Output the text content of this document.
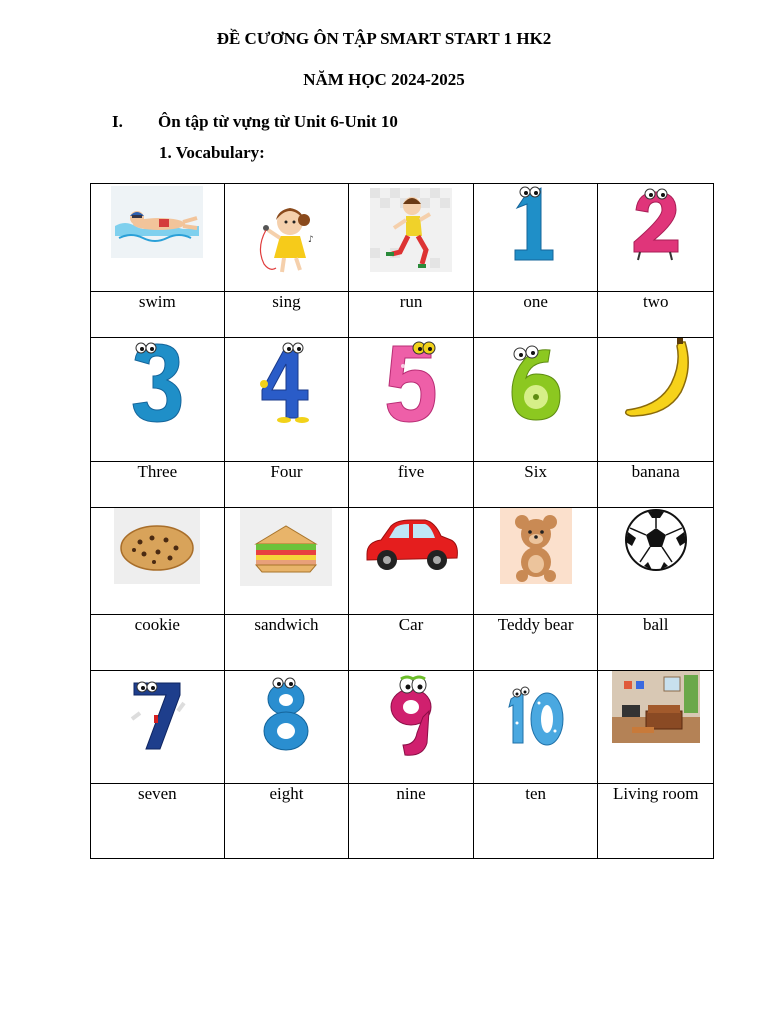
ĐỀ CƯƠNG ÔN TẬP SMART START 1 HK2
NĂM HỌC 2024-2025
I. Ôn tập từ vựng từ Unit 6-Unit 10
1. Vocabulary:

♪

swim	sing	run	one	two

Three	Four	five	Six	banana

cookie	sandwich	Car	Teddy bear	ball

seven	eight	nine	ten	Living room
